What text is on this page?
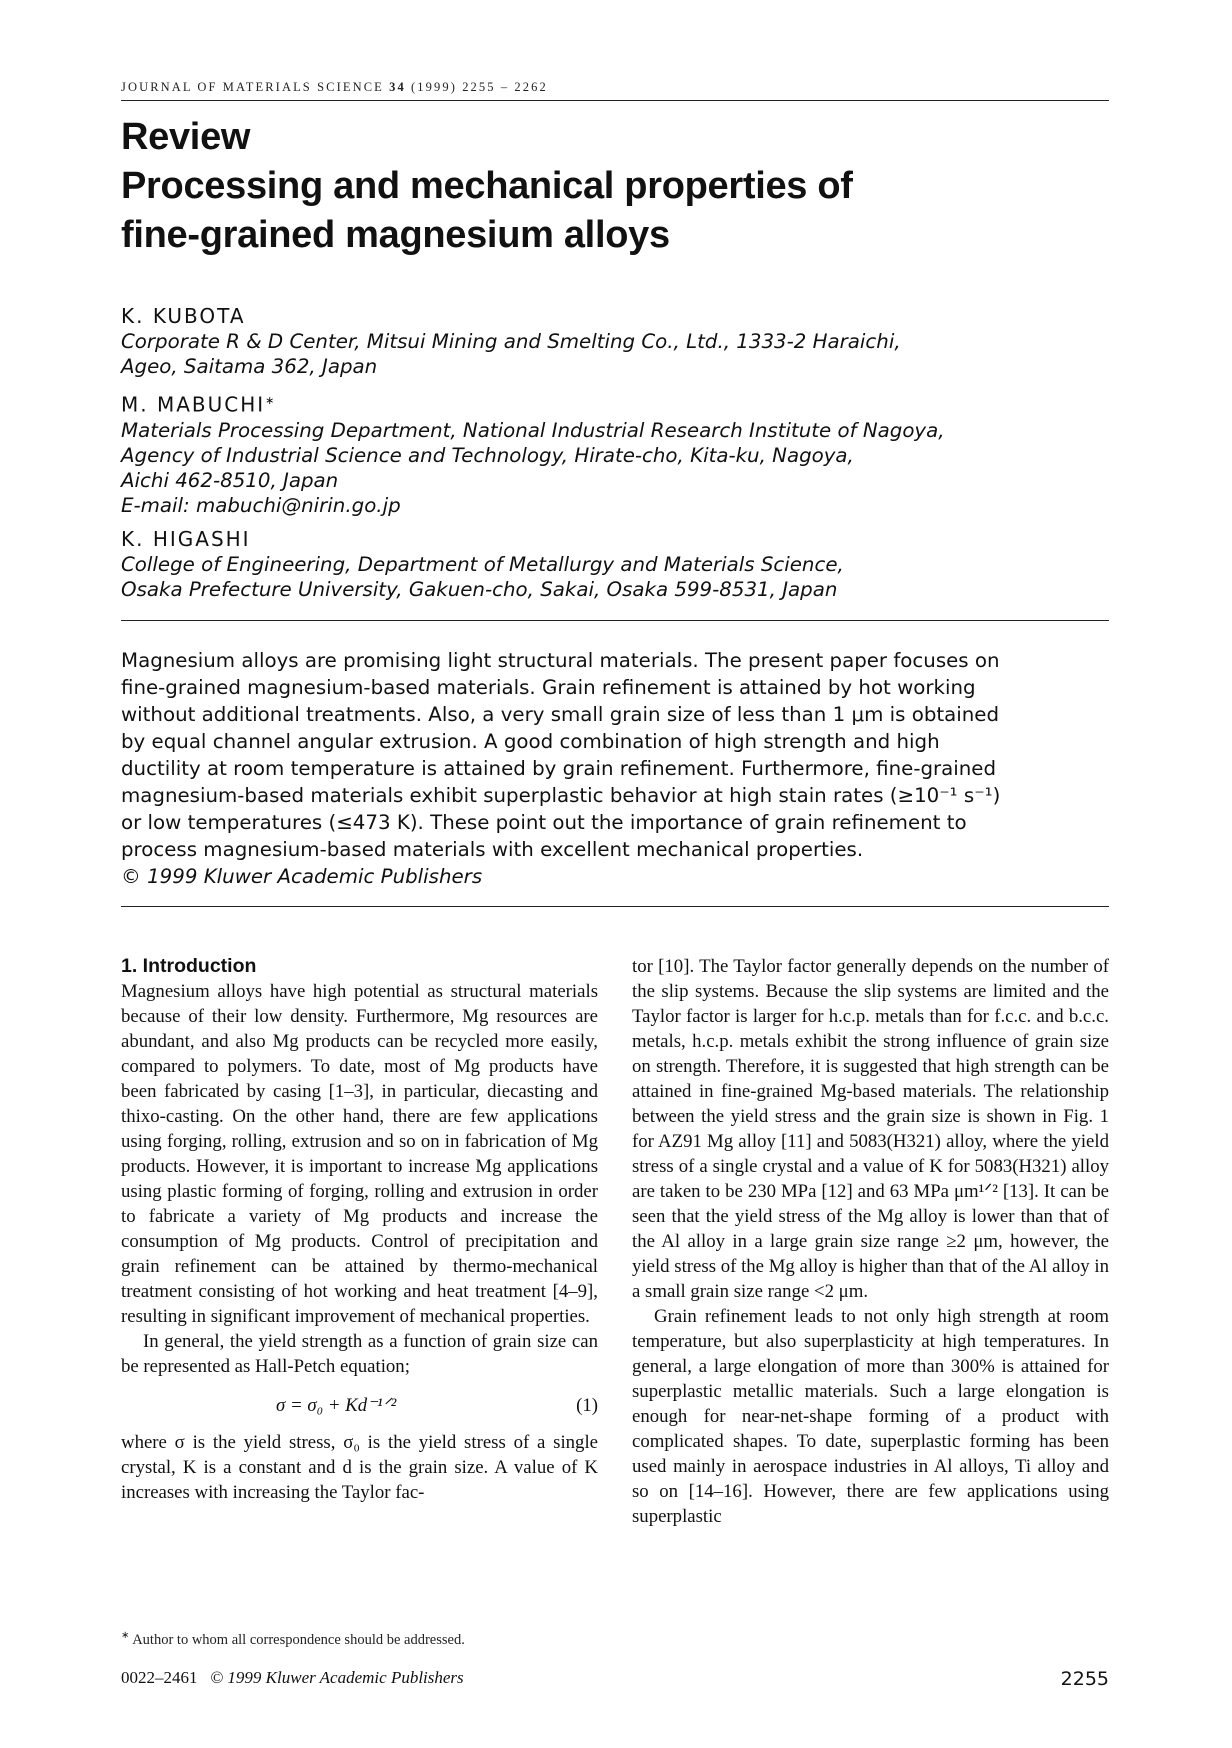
JOURNAL OF MATERIALS SCIENCE 34 (1999) 2255 – 2262
Review
Processing and mechanical properties of
fine-grained magnesium alloys
K. KUBOTA
Corporate R & D Center, Mitsui Mining and Smelting Co., Ltd., 1333-2 Haraichi,
Ageo, Saitama 362, Japan
M. MABUCHI∗
Materials Processing Department, National Industrial Research Institute of Nagoya,
Agency of Industrial Science and Technology, Hirate-cho, Kita-ku, Nagoya,
Aichi 462-8510, Japan
E-mail: mabuchi@nirin.go.jp
K. HIGASHI
College of Engineering, Department of Metallurgy and Materials Science,
Osaka Prefecture University, Gakuen-cho, Sakai, Osaka 599-8531, Japan
Magnesium alloys are promising light structural materials. The present paper focuses on
fine-grained magnesium-based materials. Grain refinement is attained by hot working
without additional treatments. Also, a very small grain size of less than 1 μm is obtained
by equal channel angular extrusion. A good combination of high strength and high
ductility at room temperature is attained by grain refinement. Furthermore, fine-grained
magnesium-based materials exhibit superplastic behavior at high stain rates (≥10⁻¹ s⁻¹)
or low temperatures (≤473 K). These point out the importance of grain refinement to
process magnesium-based materials with excellent mechanical properties.
© 1999 Kluwer Academic Publishers
1. Introduction

Magnesium alloys have high potential as structural materials because of their low density. Furthermore, Mg resources are abundant, and also Mg products can be recycled more easily, compared to polymers. To date, most of Mg products have been fabricated by casing [1–3], in particular, diecasting and thixo-casting. On the other hand, there are few applications using forging, rolling, extrusion and so on in fabrication of Mg products. However, it is important to increase Mg applications using plastic forming of forging, rolling and extrusion in order to fabricate a variety of Mg products and increase the consumption of Mg products. Control of precipitation and grain refinement can be attained by thermo-mechanical treatment consisting of hot working and heat treatment [4–9], resulting in significant improvement of mechanical properties.

In general, the yield strength as a function of grain size can be represented as Hall-Petch equation;

σ = σ₀ + Kd⁻¹ᐟ²	(1)

where σ is the yield stress, σ₀ is the yield stress of a single crystal, K is a constant and d is the grain size. A value of K increases with increasing the Taylor fac-

tor [10]. The Taylor factor generally depends on the number of the slip systems. Because the slip systems are limited and the Taylor factor is larger for h.c.p. metals than for f.c.c. and b.c.c. metals, h.c.p. metals exhibit the strong influence of grain size on strength. Therefore, it is suggested that high strength can be attained in fine-grained Mg-based materials. The relationship between the yield stress and the grain size is shown in Fig. 1 for AZ91 Mg alloy [11] and 5083(H321) alloy, where the yield stress of a single crystal and a value of K for 5083(H321) alloy are taken to be 230 MPa [12] and 63 MPa μm¹ᐟ² [13]. It can be seen that the yield stress of the Mg alloy is lower than that of the Al alloy in a large grain size range ≥2 μm, however, the yield stress of the Mg alloy is higher than that of the Al alloy in a small grain size range <2 μm.

Grain refinement leads to not only high strength at room temperature, but also superplasticity at high temperatures. In general, a large elongation of more than 300% is attained for superplastic metallic materials. Such a large elongation is enough for near-net-shape forming of a product with complicated shapes. To date, superplastic forming has been used mainly in aerospace industries in Al alloys, Ti alloy and so on [14–16]. However, there are few applications using superplastic

∗ Author to whom all correspondence should be addressed.
0022–2461 © 1999 Kluwer Academic Publishers	2255
